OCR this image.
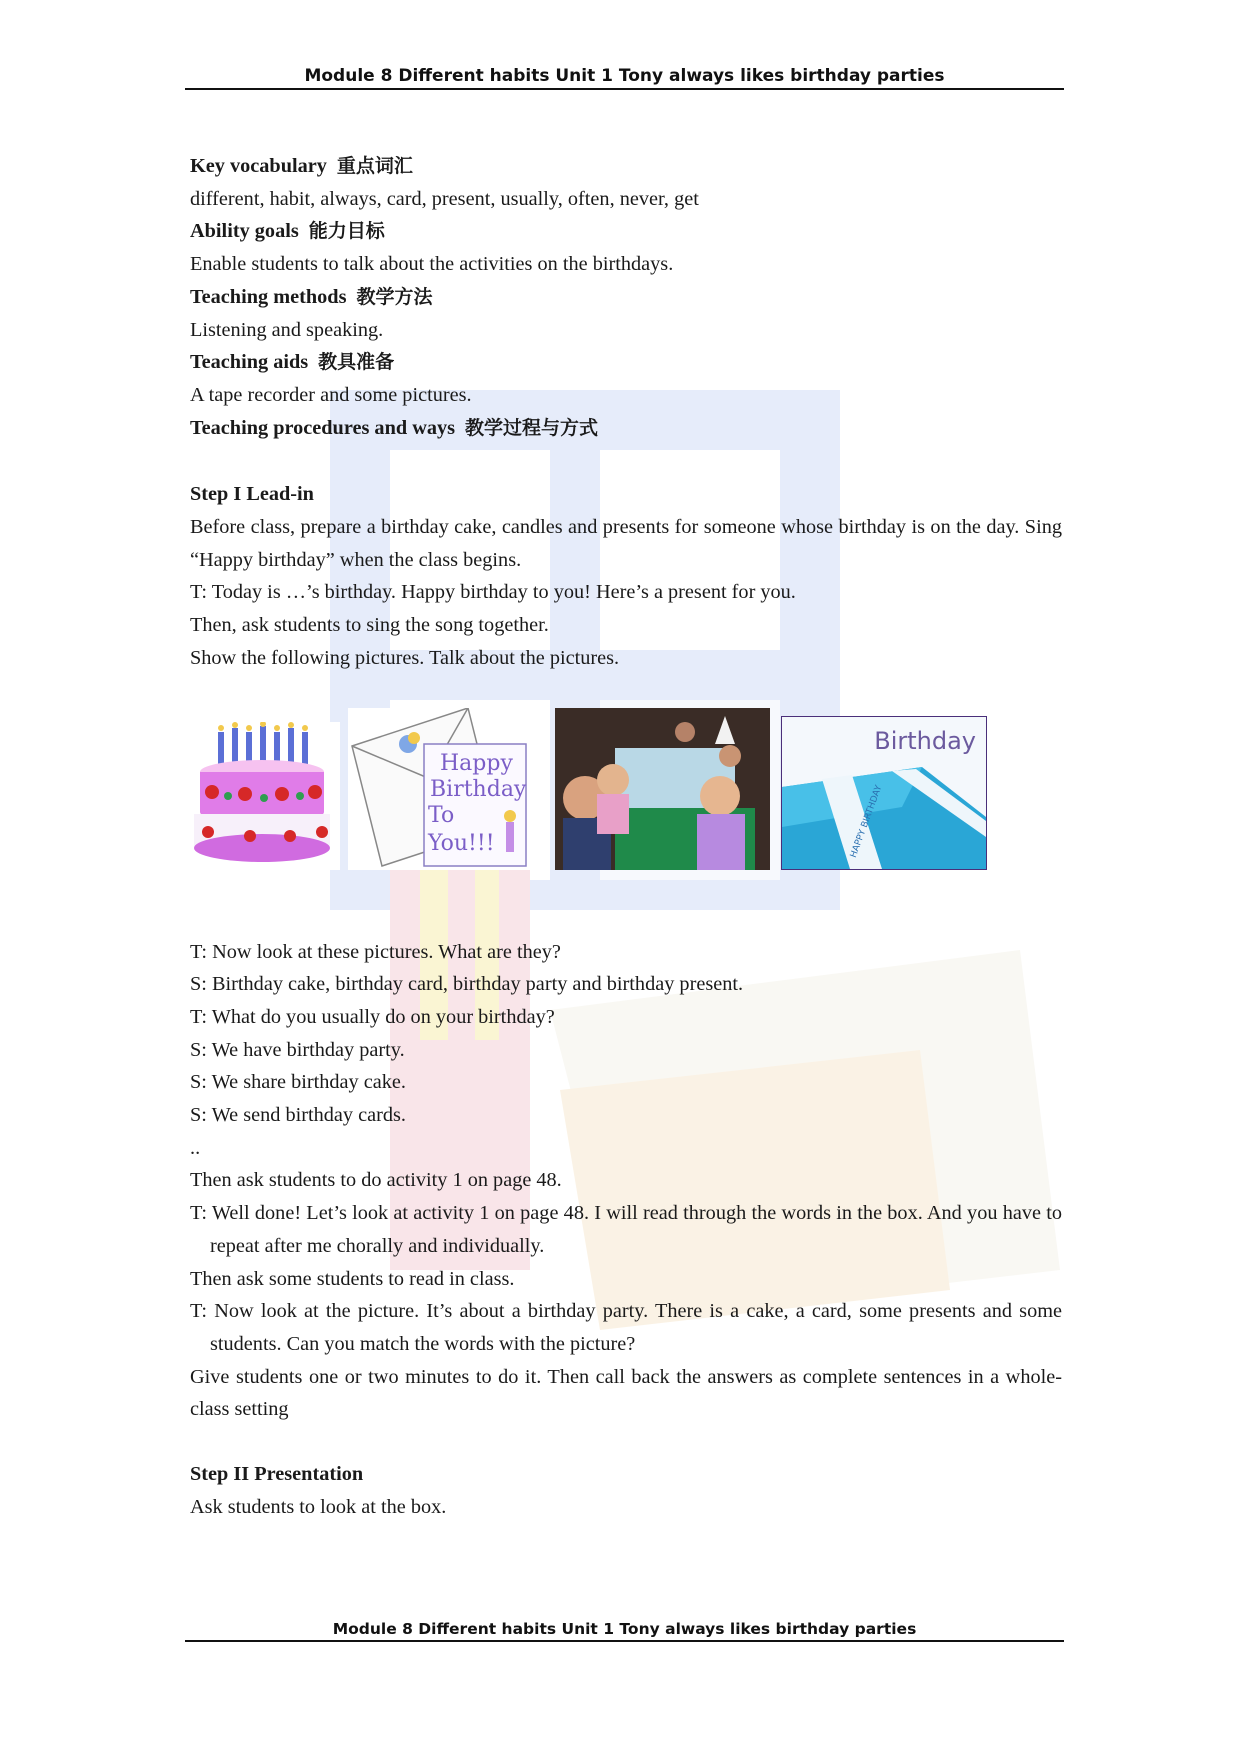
Module 8 Different habits Unit 1 Tony always likes birthday parties
Key vocabulary 重点词汇
different, habit, always, card, present, usually, often, never, get
Ability goals 能力目标
Enable students to talk about the activities on the birthdays.
Teaching methods 教学方法
Listening and speaking.
Teaching aids 教具准备
A tape recorder and some pictures.
Teaching procedures and ways 教学过程与方式
Step I Lead-in
Before class, prepare a birthday cake, candles and presents for someone whose birthday is on the day. Sing “Happy birthday” when the class begins.
T: Today is …’s birthday. Happy birthday to you! Here’s a present for you.
Then, ask students to sing the song together.
Show the following pictures. Talk about the pictures.
T: Now look at these pictures. What are they?
S: Birthday cake, birthday card, birthday party and birthday present.
T: What do you usually do on your birthday?
S: We have birthday party.
S: We share birthday cake.
S: We send birthday cards.
..
Then ask students to do activity 1 on page 48.
T: Well done! Let’s look at activity 1 on page 48. I will read through the words in the box. And you have to repeat after me chorally and individually.
Then ask some students to read in class.
T: Now look at the picture. It’s about a birthday party. There is a cake, a card, some presents and some students. Can you match the words with the picture?
Give students one or two minutes to do it. Then call back the answers as complete sentences in a whole- class setting
Step II Presentation
Ask students to look at the box.
Happy
Birthday
To
You!!!	HAPPY BIRTHDAY
Birthday
Module 8 Different habits Unit 1 Tony always likes birthday parties
